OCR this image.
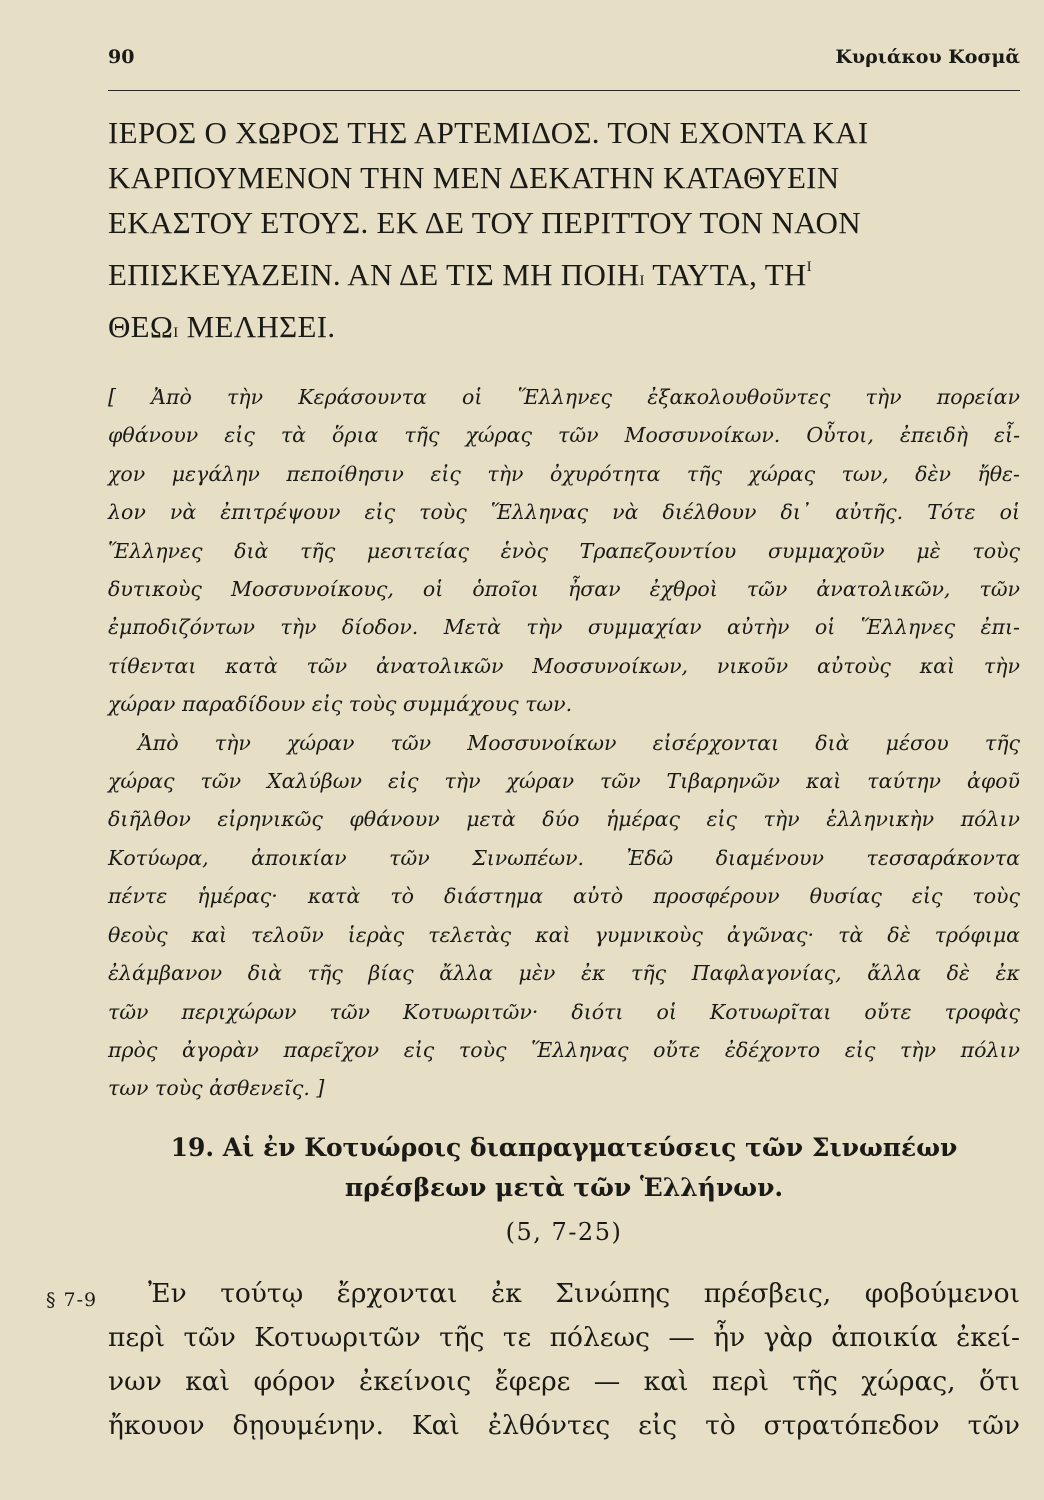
90	Κυριάκου Κοσμᾶ
ΙΕΡΟΣ Ο ΧΩΡΟΣ ΤΗΣ ΑΡΤΕΜΙΔΟΣ. ΤΟΝ ΕΧΟΝΤΑ ΚΑΙ
ΚΑΡΠΟΥΜΕΝΟΝ ΤΗΝ ΜΕΝ ΔΕΚΑΤΗΝ ΚΑΤΑΘΥΕΙΝ
ΕΚΑΣΤΟΥ ΕΤΟΥΣ. ΕΚ ΔΕ ΤΟΥ ΠΕΡΙΤΤΟΥ ΤΟΝ ΝΑΟΝ
ΕΠΙΣΚΕΥΑΖΕΙΝ. ΑΝ ΔΕ ΤΙΣ ΜΗ ΠΟΙΗΙ ΤΑΥΤΑ, $TH^I$
ΘΕΩΙ ΜΕΛΗΣΕΙ.
[ Ἀπὸ τὴν Κεράσουντα οἱ Ἕλληνες ἐξακολουθοῦντες τὴν πορείαν
φθάνουν εἰς τὰ ὅρια τῆς χώρας τῶν Μοσσυνοίκων. Οὗτοι, ἐπειδὴ εἶ-
χον μεγάλην πεποίθησιν εἰς τὴν ὀχυρότητα τῆς χώρας των, δὲν ἤθε-
λον νὰ ἐπιτρέψουν εἰς τοὺς Ἕλληνας νὰ διέλθουν δι᾿ αὐτῆς. Τότε οἱ
Ἕλληνες διὰ τῆς μεσιτείας ἑνὸς Τραπεζουντίου συμμαχοῦν μὲ τοὺς
δυτικοὺς Μοσσυνοίκους, οἱ ὁποῖοι ἦσαν ἐχθροὶ τῶν ἀνατολικῶν, τῶν
ἐμποδιζόντων τὴν δίοδον. Μετὰ τὴν συμμαχίαν αὐτὴν οἱ Ἕλληνες ἐπι-
τίθενται κατὰ τῶν ἀνατολικῶν Μοσσυνοίκων, νικοῦν αὐτοὺς καὶ τὴν
χώραν παραδίδουν εἰς τοὺς συμμάχους των.
Ἀπὸ τὴν χώραν τῶν Μοσσυνοίκων εἰσέρχονται διὰ μέσου τῆς
χώρας τῶν Χαλύβων εἰς τὴν χώραν τῶν Τιβαρηνῶν καὶ ταύτην ἀφοῦ
διῆλθον εἰρηνικῶς φθάνουν μετὰ δύο ἡμέρας εἰς τὴν ἑλληνικὴν πόλιν
Κοτύωρα, ἀποικίαν τῶν Σινωπέων. Ἐδῶ διαμένουν τεσσαράκοντα
πέντε ἡμέρας· κατὰ τὸ διάστημα αὐτὸ προσφέρουν θυσίας εἰς τοὺς
θεοὺς καὶ τελοῦν ἱερὰς τελετὰς καὶ γυμνικοὺς ἀγῶνας· τὰ δὲ τρόφιμα
ἐλάμβανον διὰ τῆς βίας ἄλλα μὲν ἐκ τῆς Παφλαγονίας, ἄλλα δὲ ἐκ
τῶν περιχώρων τῶν Κοτυωριτῶν· διότι οἱ Κοτυωρῖται οὔτε τροφὰς
πρὸς ἀγορὰν παρεῖχον εἰς τοὺς Ἕλληνας οὔτε ἐδέχοντο εἰς τὴν πόλιν
των τοὺς ἀσθενεῖς. ]
19. Αἱ ἐν Κοτυώροις διαπραγματεύσεις τῶν Σινωπέων
πρέσβεων μετὰ τῶν Ἑλλήνων.
(5, 7-25)
§ 7-9	Ἐν τούτῳ ἔρχονται ἐκ Σινώπης πρέσβεις, φοβούμενοι
περὶ τῶν Κοτυωριτῶν τῆς τε πόλεως — ἦν γὰρ ἀποικία ἐκεί-
νων καὶ φόρον ἐκείνοις ἔφερε — καὶ περὶ τῆς χώρας, ὅτι
ἤκουον δῃουμένην. Καὶ ἐλθόντες εἰς τὸ στρατόπεδον τῶν
